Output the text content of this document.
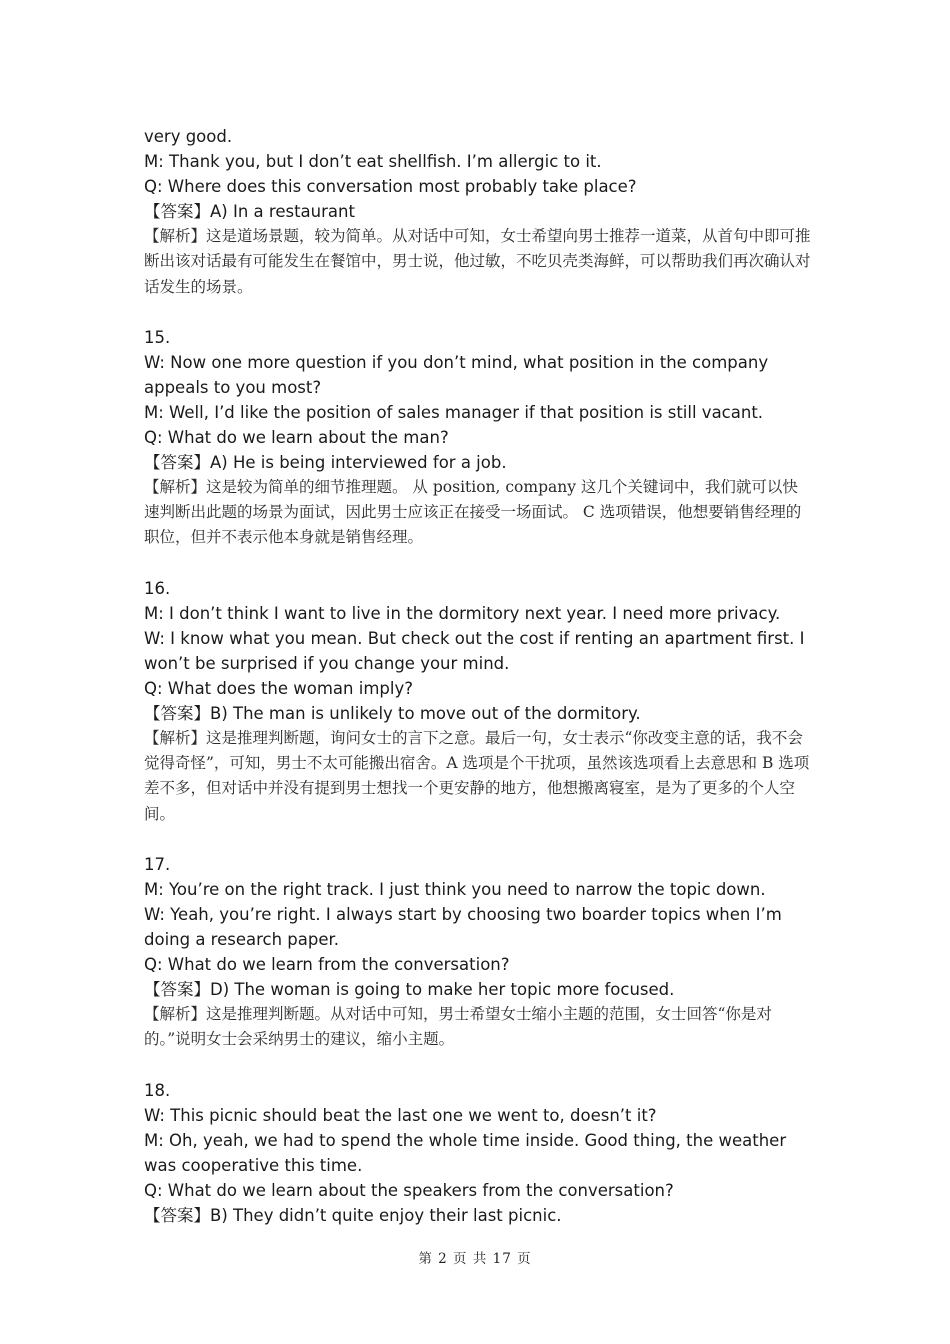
very good.

M: Thank you, but I don’t eat shellfish. I’m allergic to it.

Q: Where does this conversation most probably take place?

【答案】A) In a restaurant

【解析】这是道场景题，较为简单。从对话中可知，女士希望向男士推荐一道菜，从首句中即可推断出该对话最有可能发生在餐馆中，男士说，他过敏，不吃贝壳类海鲜，可以帮助我们再次确认对话发生的场景。

15.

W: Now one more question if you don’t mind, what position in the company appeals to you most?

M: Well, I’d like the position of sales manager if that position is still vacant.

Q: What do we learn about the man?

【答案】A) He is being interviewed for a job.

【解析】这是较为简单的细节推理题。 从 position, company 这几个关键词中，我们就可以快速判断出此题的场景为面试，因此男士应该正在接受一场面试。 C 选项错误，他想要销售经理的职位，但并不表示他本身就是销售经理。

16.

M: I don’t think I want to live in the dormitory next year. I need more privacy.

W: I know what you mean. But check out the cost if renting an apartment first. I won’t be surprised if you change your mind.

Q: What does the woman imply?

【答案】B) The man is unlikely to move out of the dormitory.

【解析】这是推理判断题，询问女士的言下之意。最后一句，女士表示“你改变主意的话，我不会觉得奇怪”，可知，男士不太可能搬出宿舍。A 选项是个干扰项，虽然该选项看上去意思和 B 选项差不多，但对话中并没有提到男士想找一个更安静的地方，他想搬离寝室，是为了更多的个人空间。

17.

M: You’re on the right track. I just think you need to narrow the topic down.

W: Yeah, you’re right. I always start by choosing two boarder topics when I’m doing a research paper.

Q: What do we learn from the conversation?

【答案】D) The woman is going to make her topic more focused.

【解析】这是推理判断题。从对话中可知，男士希望女士缩小主题的范围，女士回答“你是对的。”说明女士会采纳男士的建议，缩小主题。

18.

W: This picnic should beat the last one we went to, doesn’t it?

M: Oh, yeah, we had to spend the whole time inside. Good thing, the weather was cooperative this time.

Q: What do we learn about the speakers from the conversation?

【答案】B) They didn’t quite enjoy their last picnic.

第 2 页 共 17 页
